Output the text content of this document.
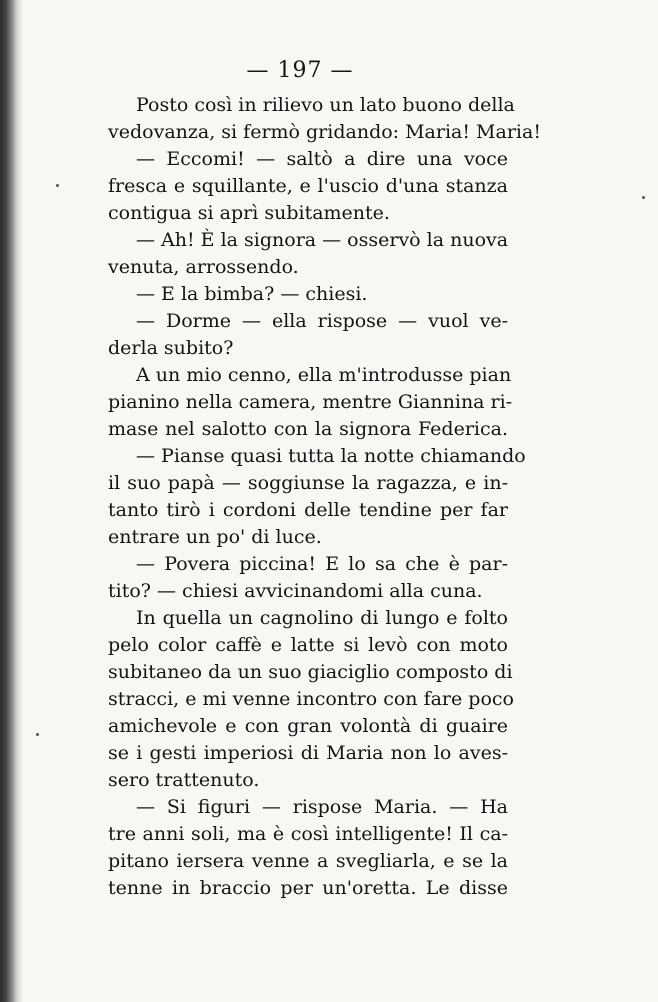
— 197 —
Posto così in rilievo un lato buono della
vedovanza, si fermò gridando: Maria! Maria!
— Eccomi! — saltò a dire una voce
fresca e squillante, e l'uscio d'una stanza
contigua si aprì subitamente.
— Ah! È la signora — osservò la nuova
venuta, arrossendo.
— E la bimba? — chiesi.
— Dorme — ella rispose — vuol ve-
derla subito?
A un mio cenno, ella m'introdusse pian
pianino nella camera, mentre Giannina ri-
mase nel salotto con la signora Federica.
— Pianse quasi tutta la notte chiamando
il suo papà — soggiunse la ragazza, e in-
tanto tirò i cordoni delle tendine per far
entrare un po' di luce.
— Povera piccina! E lo sa che è par-
tito? — chiesi avvicinandomi alla cuna.
In quella un cagnolino di lungo e folto
pelo color caffè e latte si levò con moto
subitaneo da un suo giaciglio composto di
stracci, e mi venne incontro con fare poco
amichevole e con gran volontà di guaire
se i gesti imperiosi di Maria non lo aves-
sero trattenuto.
— Si figuri — rispose Maria. — Ha
tre anni soli, ma è così intelligente! Il ca-
pitano iersera venne a svegliarla, e se la
tenne in braccio per un'oretta. Le disse
